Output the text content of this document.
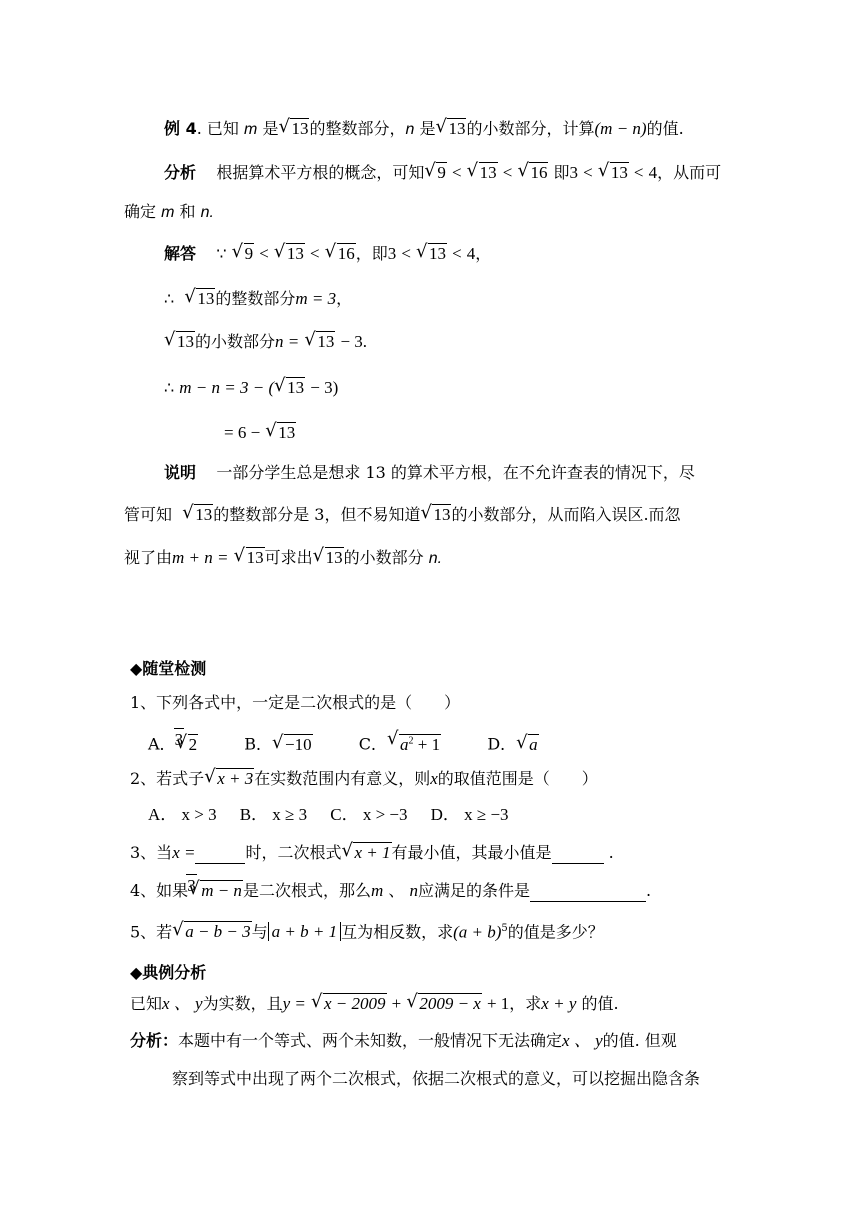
例 4. 已知 m 是 √ 13的整数部分，n 是 √ 13的小数部分，计算(m − n)的值.
分析 根据算术平方根的概念，可知 √ 9 < √ 13 < √ 16 即3 < √ 13 < 4，从而可
确定 m 和 n.
解答 ∵ √ 9 < √ 13 < √ 16，即3 < √ 13 < 4，
∴ √ 13的整数部分m = 3，
√ 13的小数部分n = √ 13 − 3.
∴ m − n = 3 − ( √ 13 − 3)
= 6 − √ 13
说明 一部分学生总是想求 13 的算术平方根，在不允许查表的情况下，尽
管可知 √ 13的整数部分是 3，但不易知道 √ 13的小数部分，从而陷入误区.而忽
视了由m + n = √ 13可求出 √ 13的小数部分 n.
◆随堂检测
1、下列各式中，一定是二次根式的是（　　）
A． √ 3 2	B． √ −10	C． √ $a^2 + 1$	D． √ a
2、若式子 √ x + 3在实数范围内有意义，则x的取值范围是（　　）
A． x > 3 B． x ≥ 3 C． x > −3 D． x ≥ −3
3、当x =	时，二次根式 √ x + 1有最小值，其最小值是	.
4、如果 √ 3 m − n是二次根式，那么m 、 n应满足的条件是	.
5、若 √ a − b − 3与 a + b + 1 互为相反数，求$(a + b)^5$的值是多少？
◆典例分析
已知x 、 y为实数，且y = √ x − 2009 + √ 2009 − x + 1，求x + y 的值.
分析：本题中有一个等式、两个未知数，一般情况下无法确定x 、 y的值. 但观
察到等式中出现了两个二次根式，依据二次根式的意义，可以挖掘出隐含条
